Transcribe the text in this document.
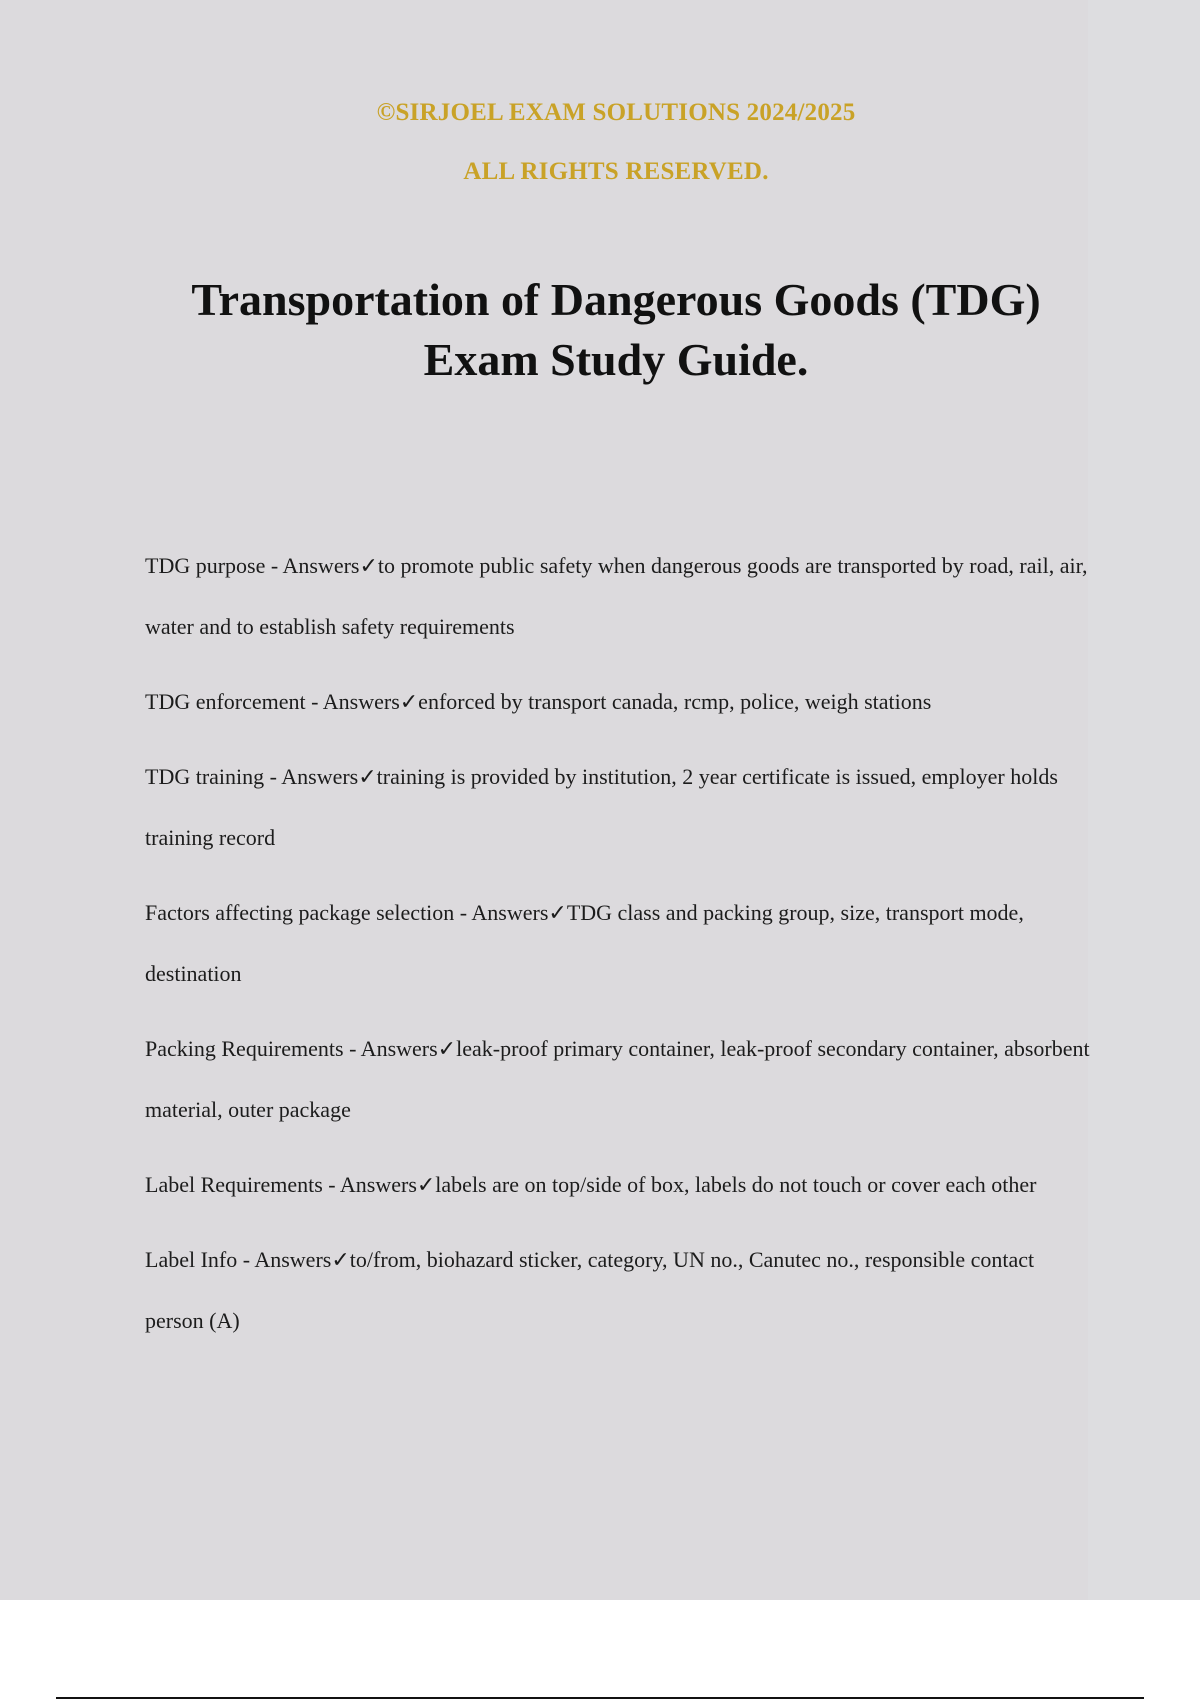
©SIRJOEL EXAM SOLUTIONS 2024/2025
ALL RIGHTS RESERVED.
Transportation of Dangerous Goods (TDG)
Exam Study Guide.

TDG purpose - Answers✓to promote public safety when dangerous goods are transported by road, rail, air, water and to establish safety requirements

TDG enforcement - Answers✓enforced by transport canada, rcmp, police, weigh stations

TDG training - Answers✓training is provided by institution, 2 year certificate is issued, employer holds training record

Factors affecting package selection - Answers✓TDG class and packing group, size, transport mode, destination

Packing Requirements - Answers✓leak-proof primary container, leak-proof secondary container, absorbent material, outer package

Label Requirements - Answers✓labels are on top/side of box, labels do not touch or cover each other

Label Info - Answers✓to/from, biohazard sticker, category, UN no., Canutec no., responsible contact person (A)
